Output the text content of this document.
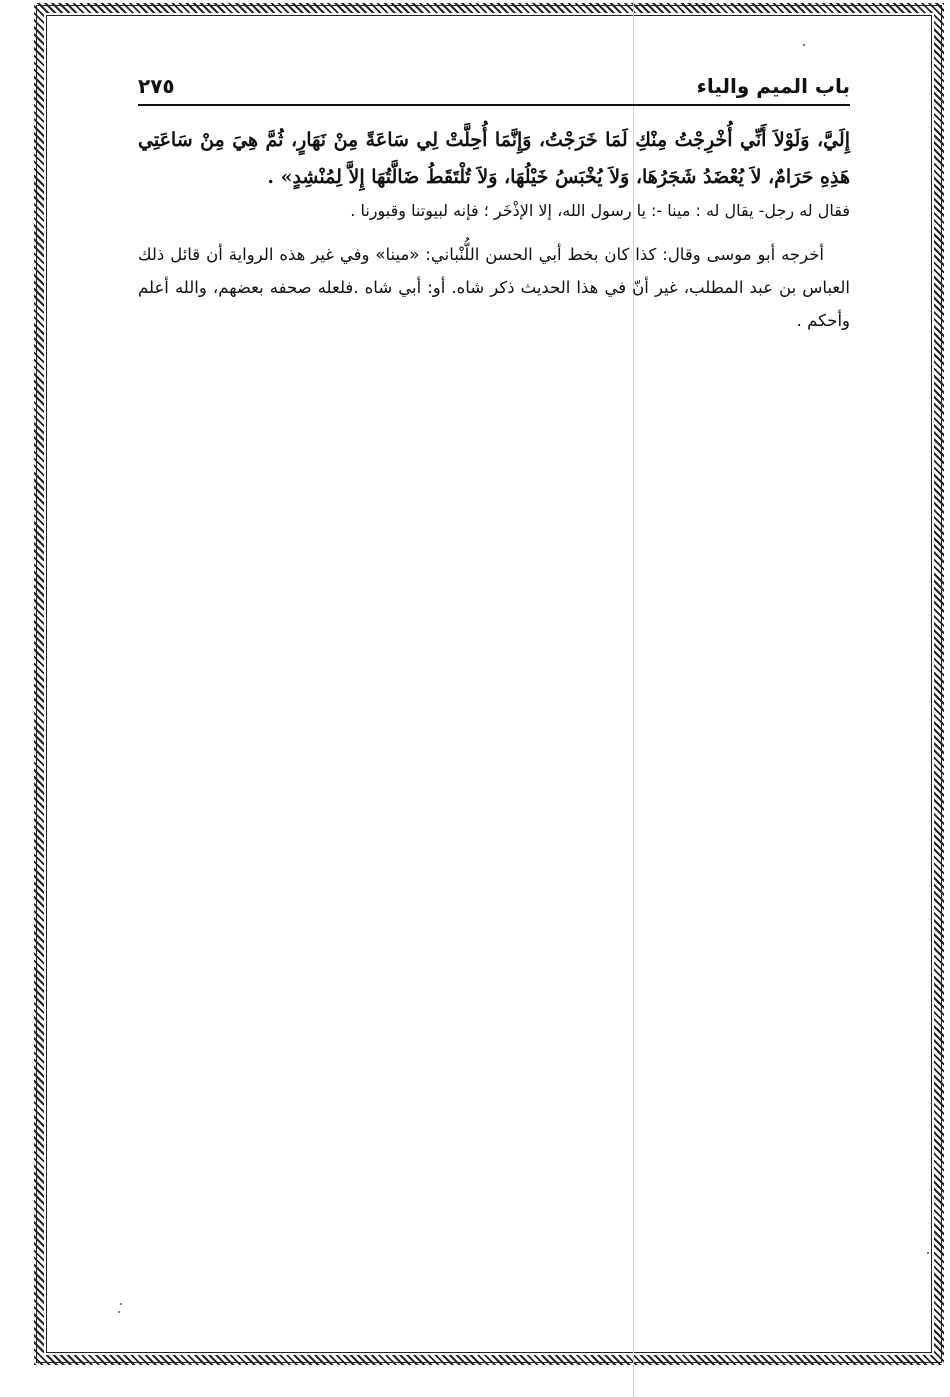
باب الميم والياء
٢٧٥

إِلَيَّ، وَلَوْلاَ أَنِّي أُخْرِجْتُ مِنْكِ لَمَا خَرَجْتُ، وَإِنَّمَا أُحِلَّتْ لِي سَاعَةً مِنْ نَهَارٍ، ثُمَّ هِيَ مِنْ سَاعَتِي هَذِهِ حَرَامٌ، لاَ يُعْضَدُ شَجَرُهَا، وَلاَ يُخْبَسُ خَيْلُهَا، وَلاَ تُلْتَقَطُ ضَالَّتُهَا إِلاَّ لِمُنْشِدٍ» .

فقال له رجل- يقال له : مينا -: يا رسول الله، إلا الإذْخَر ؛ فإنه لبيوتنا وقبورنا .

أخرجه أبو موسى وقال: كذا كان بخط أبي الحسن اللُّنْباني: «مينا» وفي غير هذه الرواية أن قائل ذلك العباس بن عبد المطلب، غير أنّ في هذا الحديث ذكر شاه. أو: أبي شاه .فلعله صحفه بعضهم، والله أعلم وأحكم .
